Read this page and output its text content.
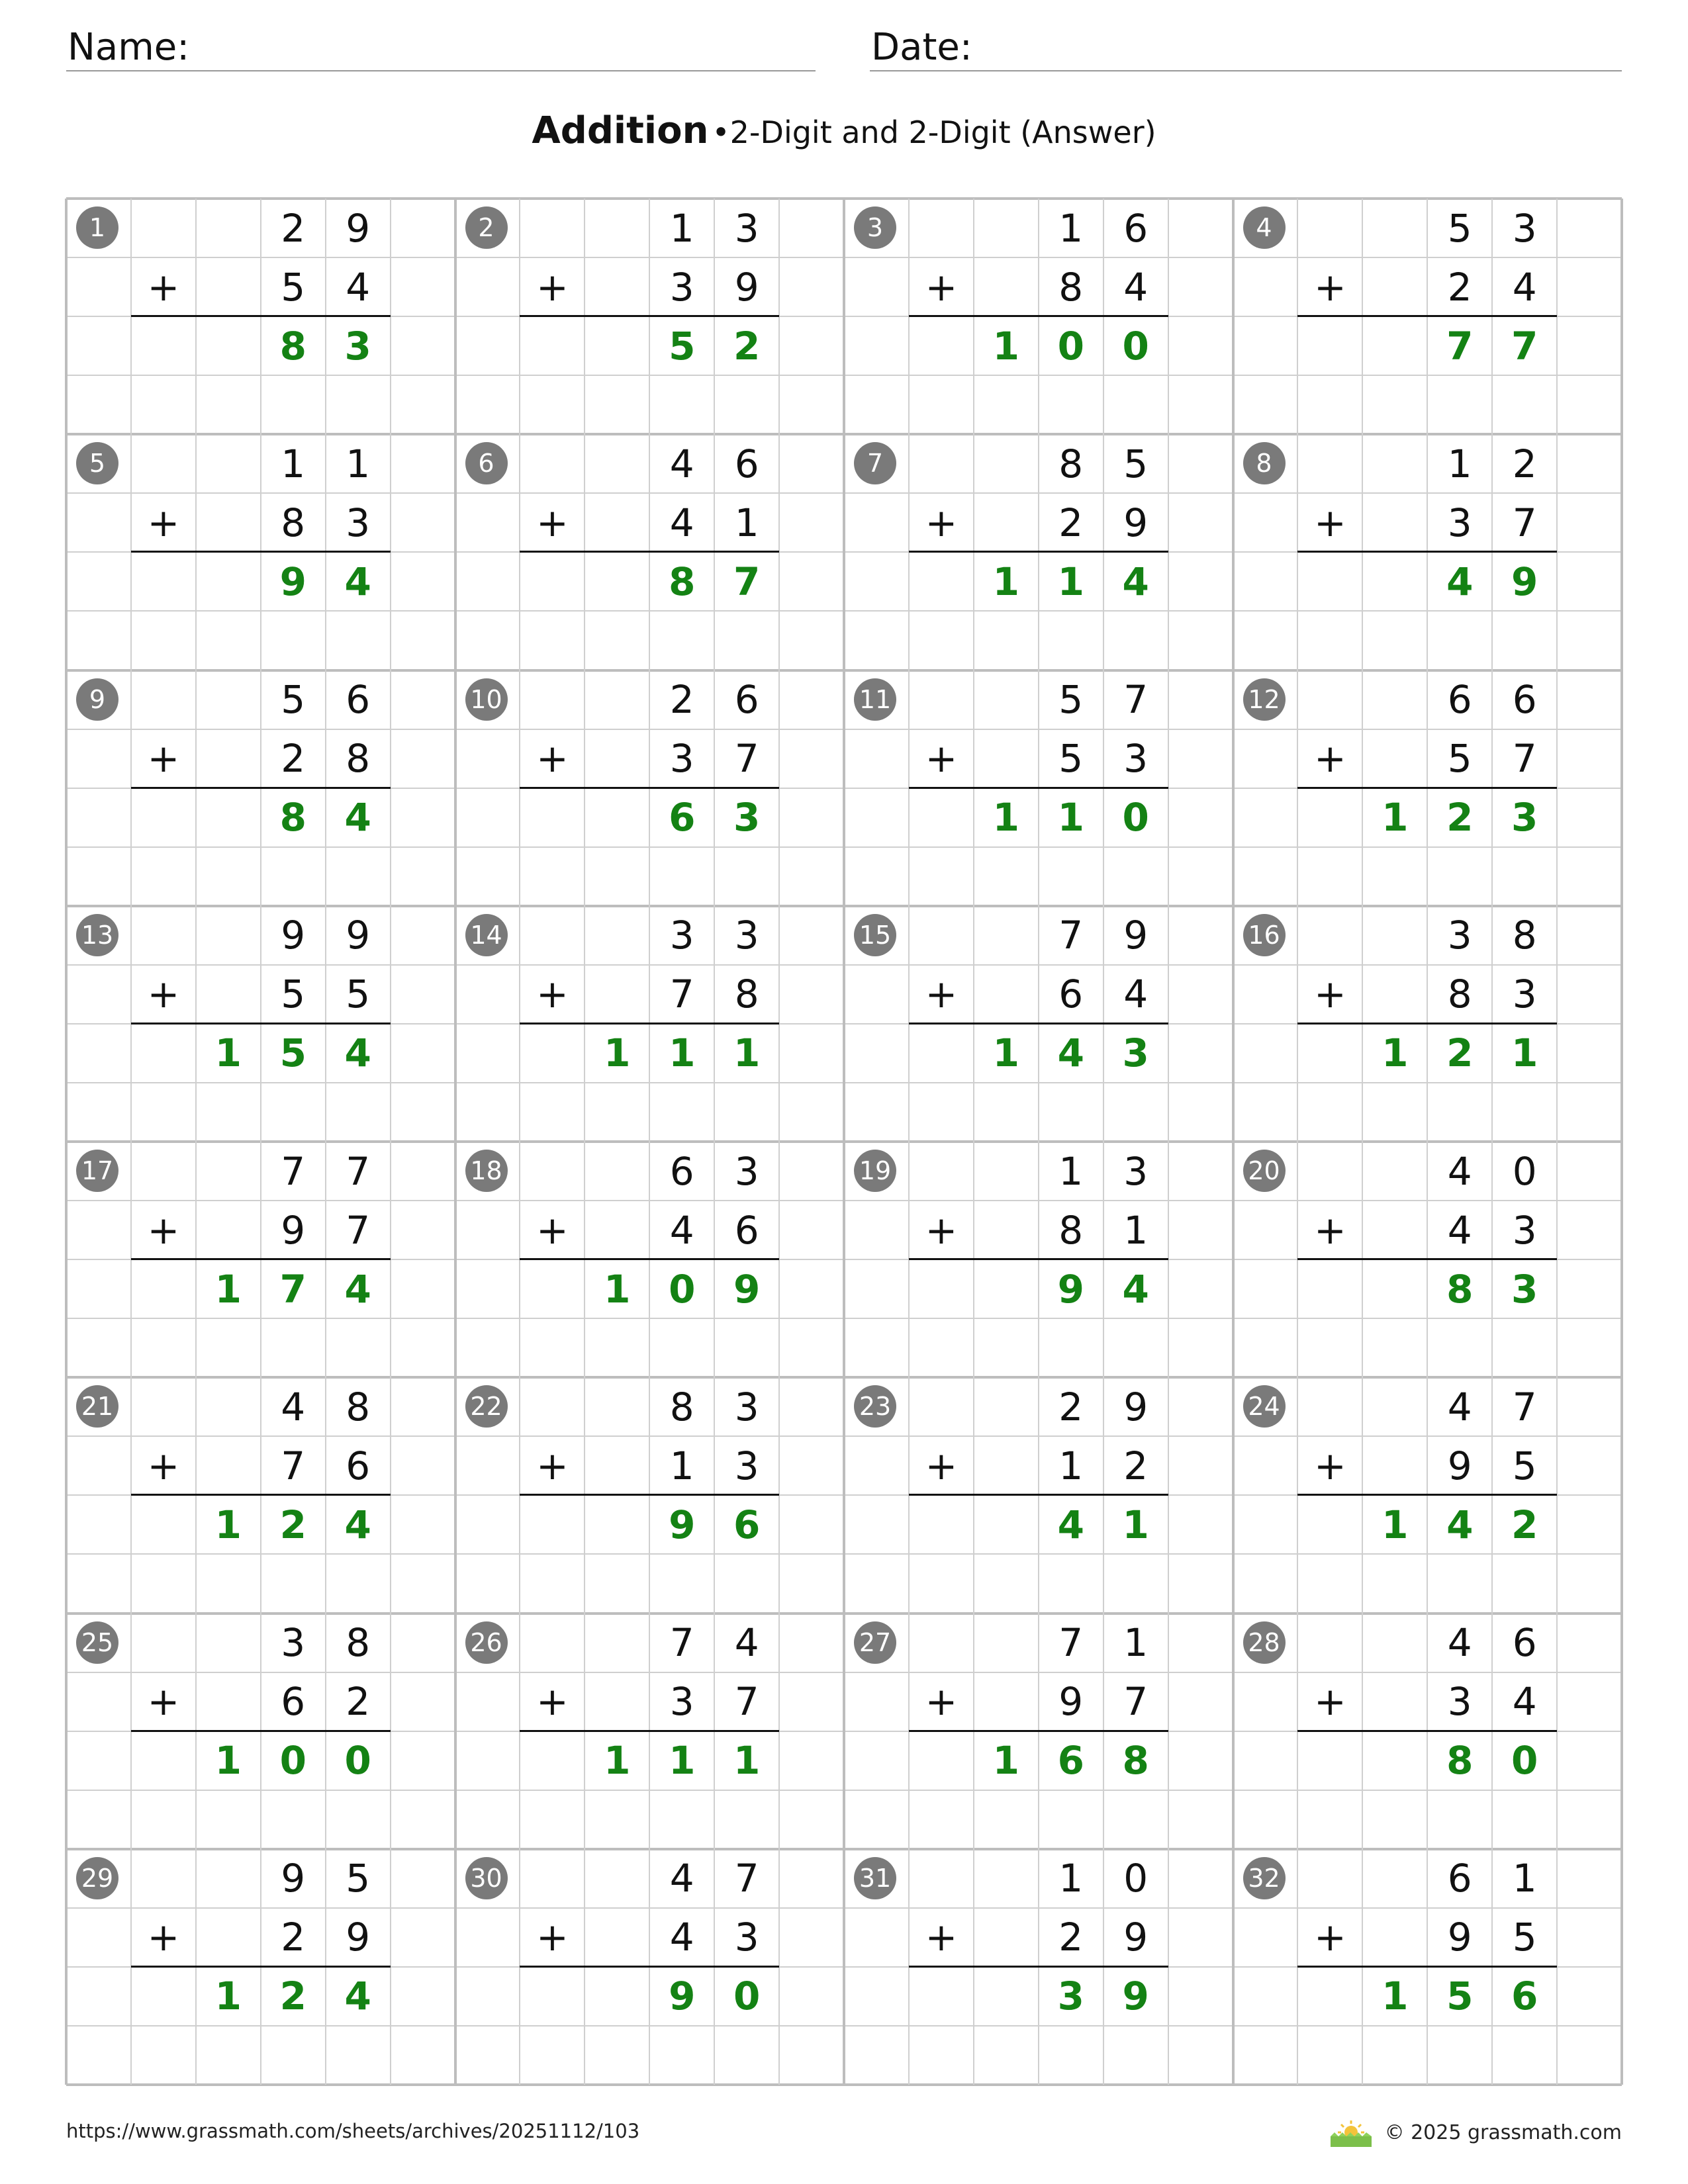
Name:	Date:
Addition •2-Digit and 2-Digit (Answer)
1	2	9
+	5	4
8 3
2	1	3
+	3	9
5 2
3	1	6
+	8	4
1 0 0
4	5	3
+	2	4
7 7
5	1	1
+	8	3
9 4
6	4	6
+	4	1
8 7
7	8	5
+	2	9
1 1 4
8	1	2
+	3	7
4 9
9	5	6
+	2	8
8 4
10	2	6
+	3	7
6 3
11	5	7
+	5	3
1 1 0
12	6	6
+	5	7
1 2 3
13	9	9
+	5	5
1 5 4
14	3	3
+	7	8
1 1 1
15	7	9
+	6	4
1 4 3
16	3	8
+	8	3
1 2 1
17	7	7
+	9	7
1 7 4
18	6	3
+	4	6
1 0 9
19	1	3
+	8	1
9 4
20	4	0
+	4	3
8 3
21	4	8
+	7	6
1 2 4
22	8	3
+	1	3
9 6
23	2	9
+	1	2
4 1
24	4	7
+	9	5
1 4 2
25	3	8
+	6	2
1 0 0
26	7	4
+	3	7
1 1 1
27	7	1
+	9	7
1 6 8
28	4	6
+	3	4
8 0
29	9	5
+	2	9
1 2 4
30	4	7
+	4	3
9 0
31	1	0
+	2	9
3 9
32	6	1
+	9	5
1 5 6
https://www.grassmath.com/sheets/archives/20251112/103	© 2025 grassmath.com
